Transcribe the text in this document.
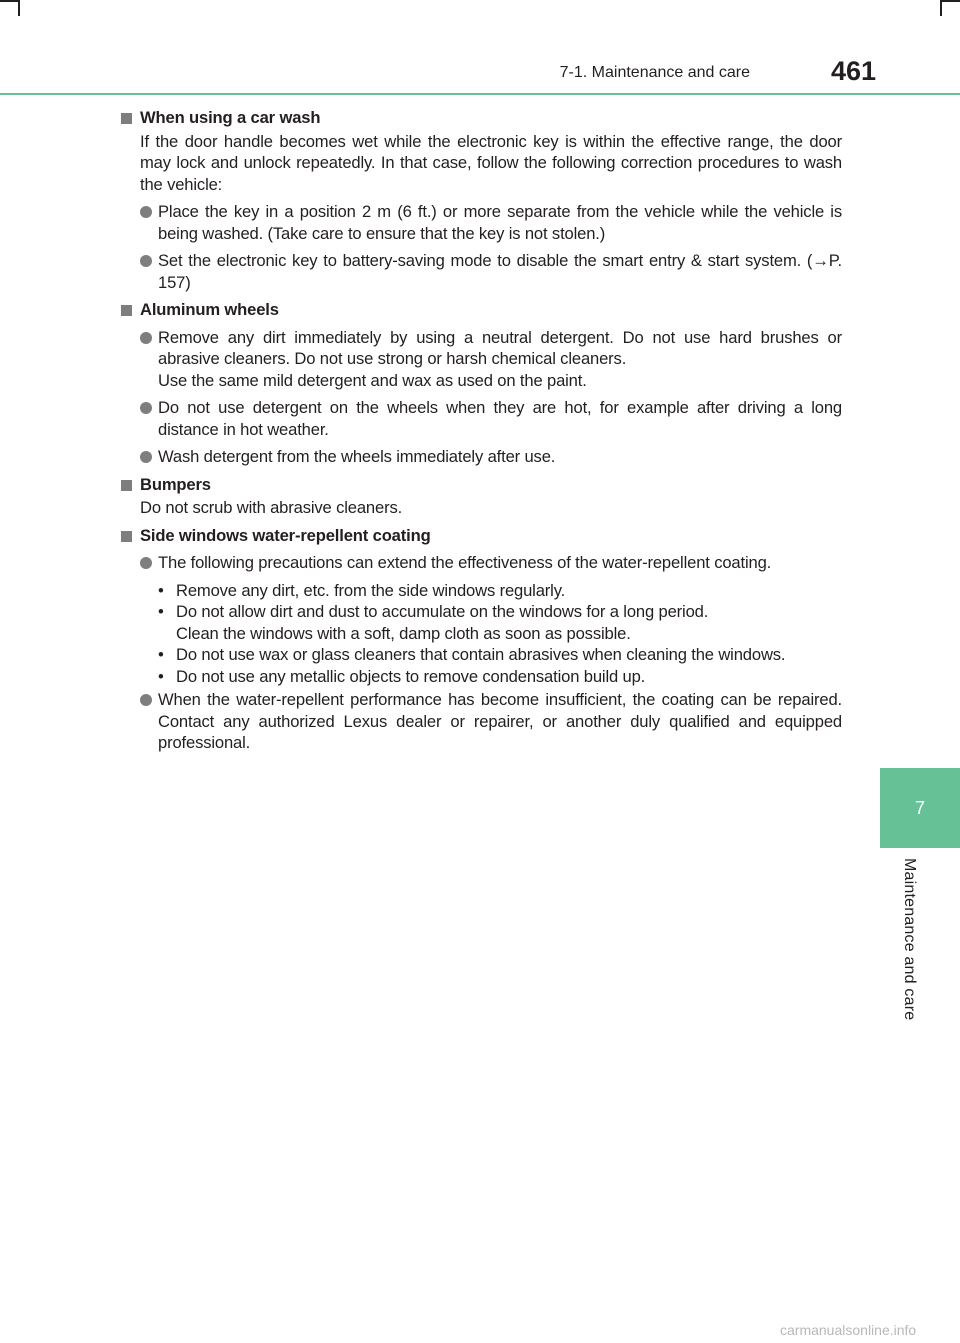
7-1. Maintenance and care	461
7
Maintenance and care
When using a car wash
If the door handle becomes wet while the electronic key is within the effective range, the door may lock and unlock repeatedly. In that case, follow the following correction procedures to wash the vehicle:
Place the key in a position 2 m (6 ft.) or more separate from the vehicle while the vehicle is being washed. (Take care to ensure that the key is not stolen.)
Set the electronic key to battery-saving mode to disable the smart entry & start system. (→P. 157)
Aluminum wheels
Remove any dirt immediately by using a neutral detergent. Do not use hard brushes or abrasive cleaners. Do not use strong or harsh chemical cleaners.
Use the same mild detergent and wax as used on the paint.
Do not use detergent on the wheels when they are hot, for example after driving a long distance in hot weather.
Wash detergent from the wheels immediately after use.
Bumpers
Do not scrub with abrasive cleaners.
Side windows water-repellent coating
The following precautions can extend the effectiveness of the water-repellent coating.
• Remove any dirt, etc. from the side windows regularly.
• Do not allow dirt and dust to accumulate on the windows for a long period.
Clean the windows with a soft, damp cloth as soon as possible.
• Do not use wax or glass cleaners that contain abrasives when cleaning the windows.
• Do not use any metallic objects to remove condensation build up.
When the water-repellent performance has become insufficient, the coating can be repaired. Contact any authorized Lexus dealer or repairer, or another duly qualified and equipped professional.
carmanualsonline.info
